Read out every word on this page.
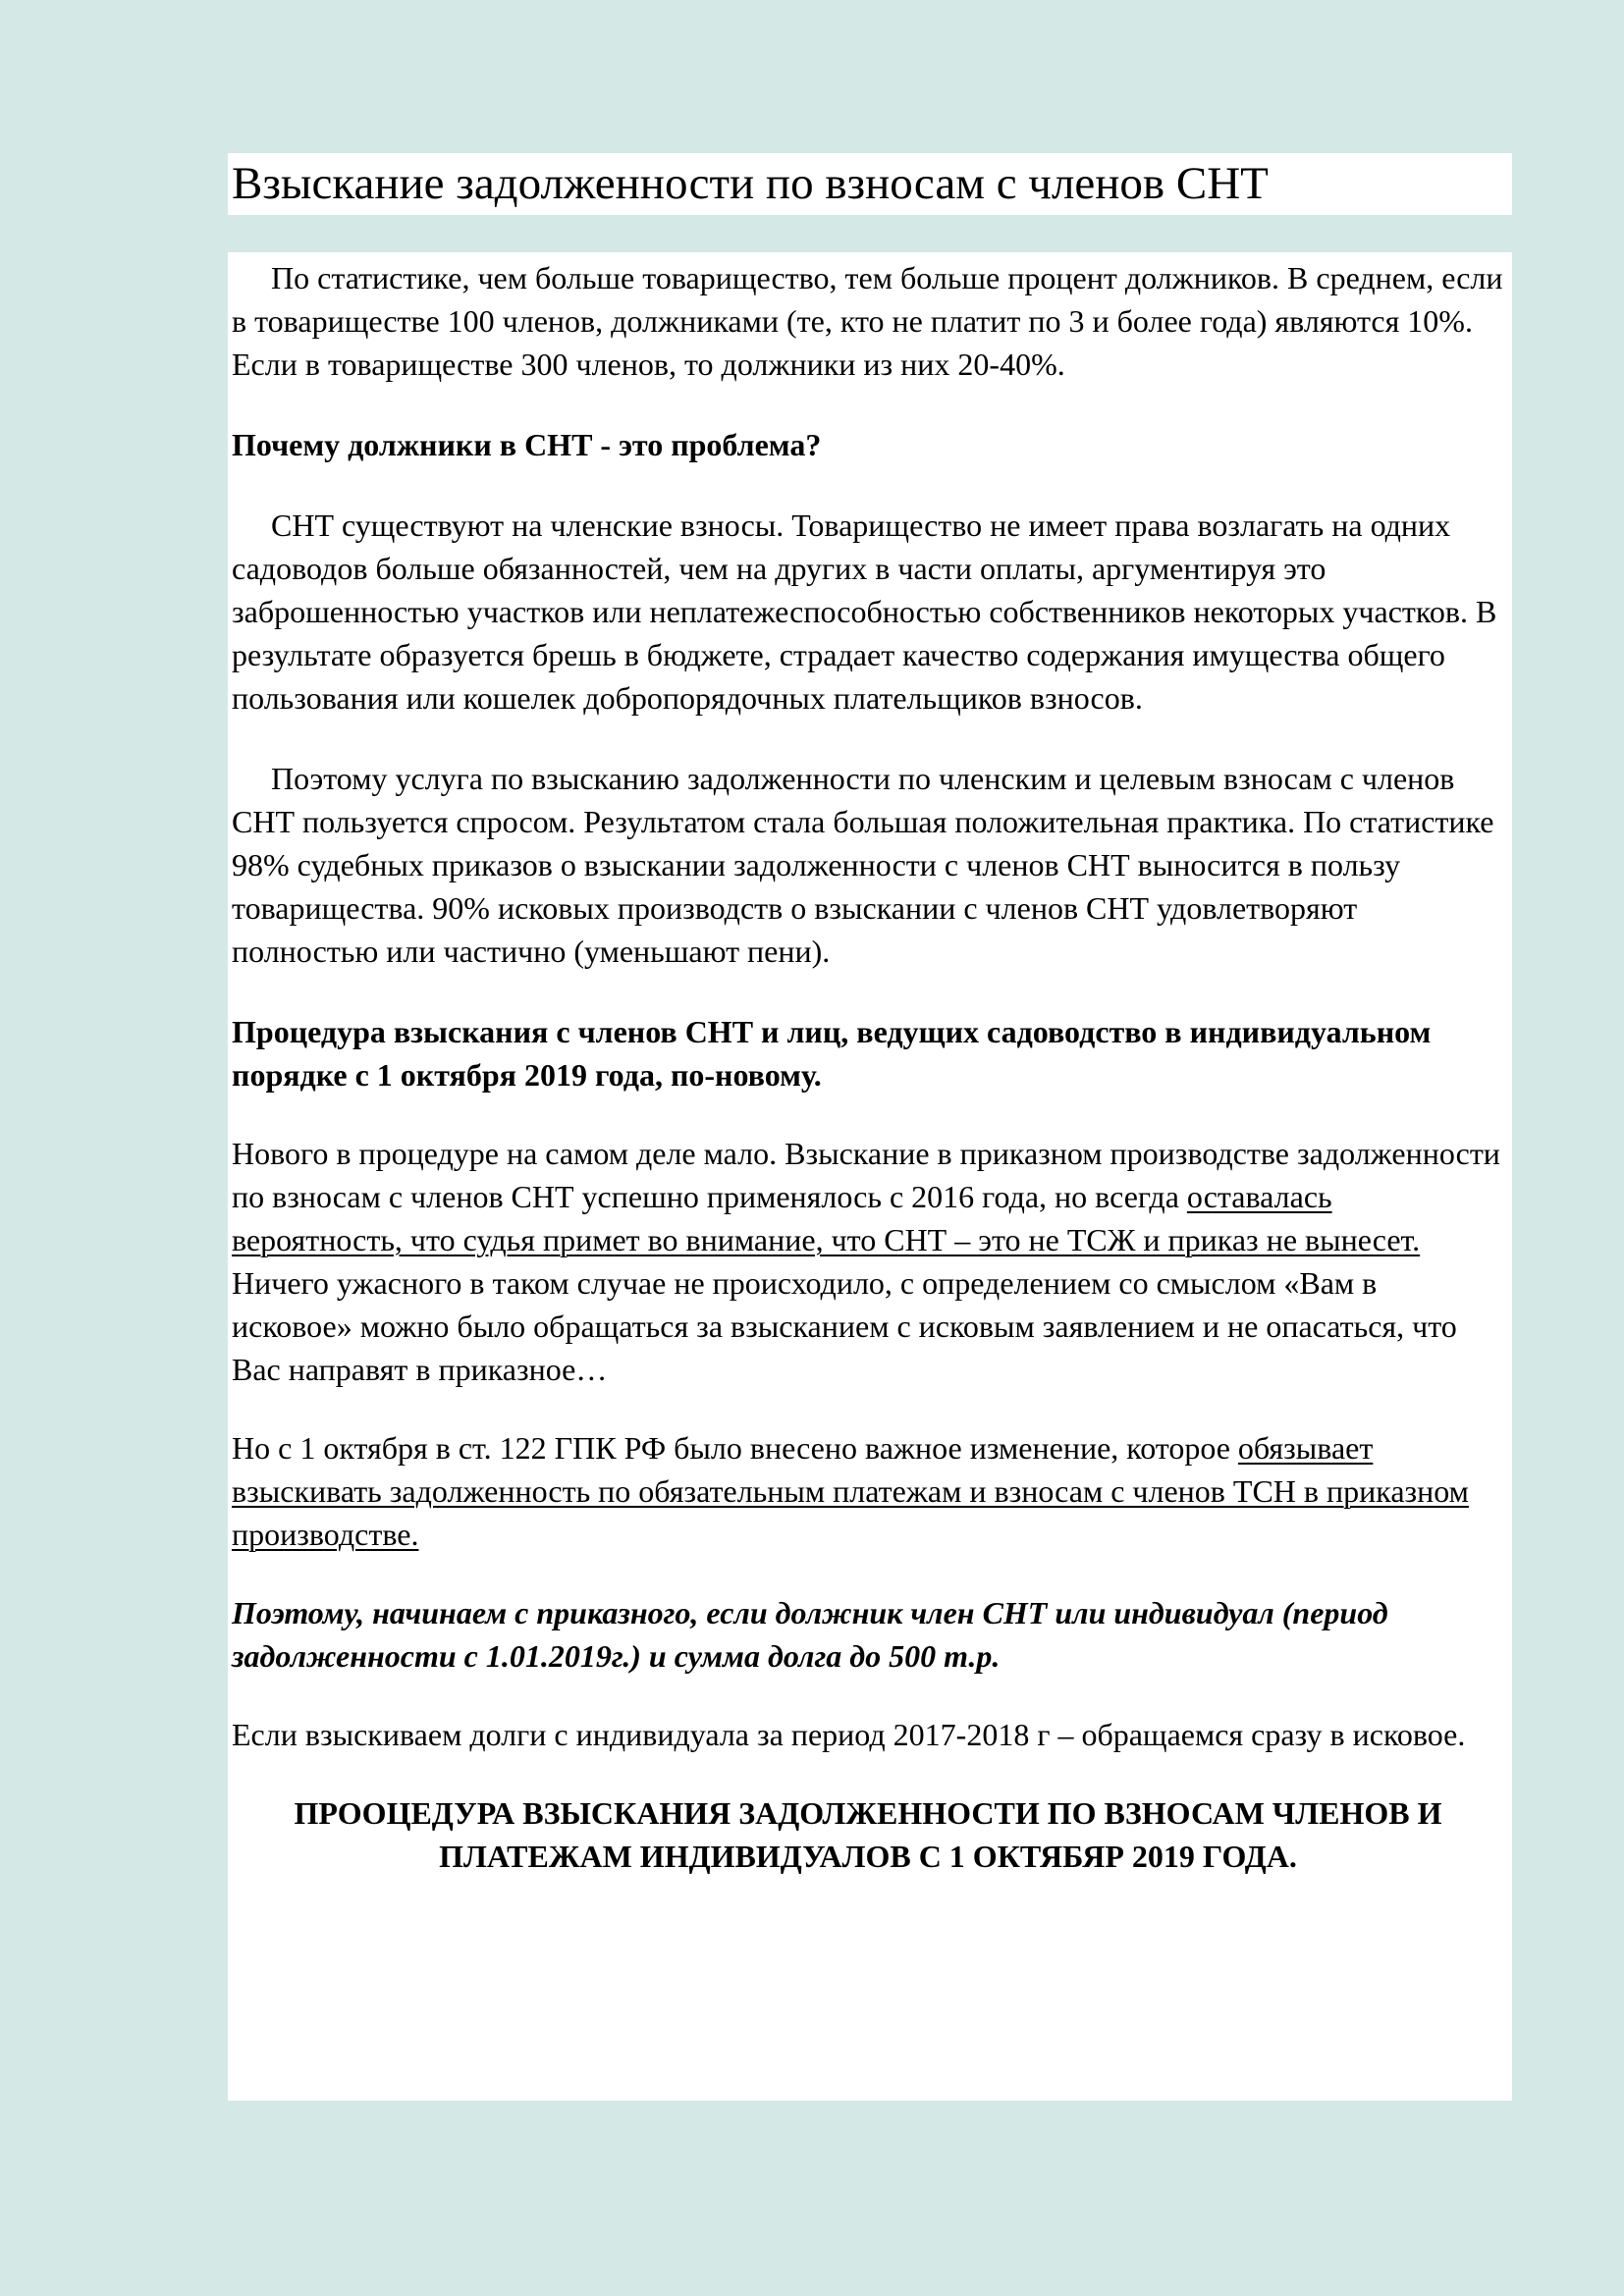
Взыскание задолженности по взносам с членов СНТ

По статистике, чем больше товарищество, тем больше процент должников. В среднем, если в товариществе 100 членов, должниками (те, кто не платит по 3 и более года) являются 10%. Если в товариществе 300 членов, то должники из них 20-40%.

Почему должники в СНТ - это проблема?

СНТ существуют на членские взносы. Товарищество не имеет права возлагать на одних садоводов больше обязанностей, чем на других в части оплаты, аргументируя это заброшенностью участков или неплатежеспособностью собственников некоторых участков. В результате образуется брешь в бюджете, страдает качество содержания имущества общего пользования или кошелек добропорядочных плательщиков взносов.

Поэтому услуга по взысканию задолженности по членским и целевым взносам с членов СНТ пользуется спросом. Результатом стала большая положительная практика. По статистике 98% судебных приказов о взыскании задолженности с членов СНТ выносится в пользу товарищества. 90% исковых производств о взыскании с членов СНТ удовлетворяют полностью или частично (уменьшают пени).

Процедура взыскания с членов СНТ и лиц, ведущих садоводство в индивидуальном порядке с 1 октября 2019 года, по-новому.

Нового в процедуре на самом деле мало. Взыскание в приказном производстве задолженности по взносам с членов СНТ успешно применялось с 2016 года, но всегда оставалась вероятность, что судья примет во внимание, что СНТ – это не ТСЖ и приказ не вынесет.  Ничего ужасного в таком случае не происходило, с определением со смыслом «Вам в исковое» можно было обращаться за взысканием с исковым заявлением и не опасаться, что Вас направят в приказное…

Но с 1 октября в ст. 122 ГПК РФ было внесено важное изменение, которое обязывает взыскивать задолженность по обязательным платежам и взносам с членов ТСН в приказном производстве.

Поэтому, начинаем с приказного, если должник член СНТ или индивидуал (период задолженности с 1.01.2019г.) и сумма долга до 500 т.р.

Если взыскиваем долги с индивидуала за период 2017-2018 г – обращаемся сразу в исковое.

ПРООЦЕДУРА ВЗЫСКАНИЯ ЗАДОЛЖЕННОСТИ ПО ВЗНОСАМ ЧЛЕНОВ И ПЛАТЕЖАМ ИНДИВИДУАЛОВ С 1 ОКТЯБЯР 2019 ГОДА.
